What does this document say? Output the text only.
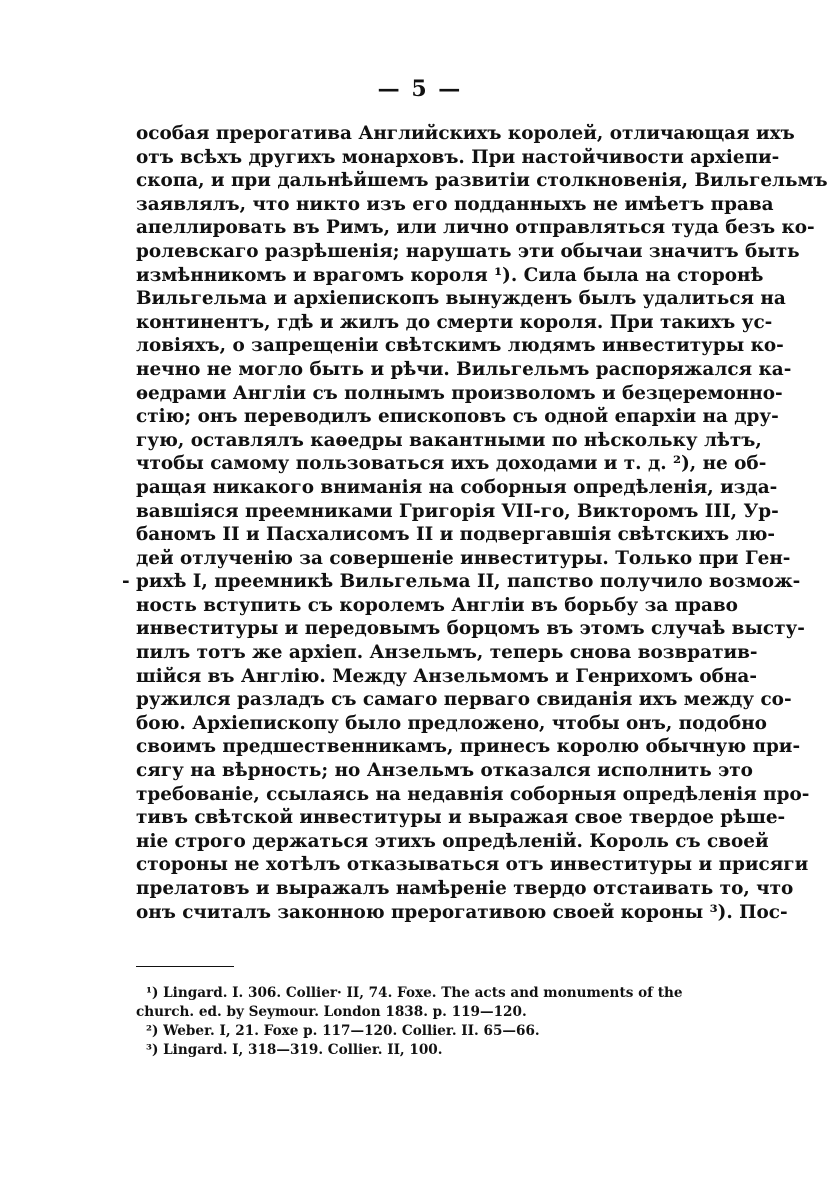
— 5 —
особая прерогатива Английскихъ королей, отличающая ихъ
отъ всѣхъ другихъ монарховъ. При настойчивости архіепи-
скопа, и при дальнѣйшемъ развитіи столкновенія, Вильгельмъ
заявлялъ, что никто изъ его подданныхъ не имѣетъ права
апеллировать въ Римъ, или лично отправляться туда безъ ко-
ролевскаго разрѣшенія; нарушать эти обычаи значитъ быть
измѣнникомъ и врагомъ короля ¹). Сила была на сторонѣ
Вильгельма и архіепископъ вынужденъ былъ удалиться на
континентъ, гдѣ и жилъ до смерти короля. При такихъ ус-
ловіяхъ, о запрещеніи свѣтскимъ людямъ инвеституры ко-
нечно не могло быть и рѣчи. Вильгельмъ распоряжался ка-
ѳедрами Англіи съ полнымъ произволомъ и безцеремонно-
стію; онъ переводилъ епископовъ съ одной епархіи на дру-
гую, оставлялъ каѳедры вакантными по нѣскольку лѣтъ,
чтобы самому пользоваться ихъ доходами и т. д. ²), не об-
ращая никакого вниманія на соборныя опредѣленія, изда-
вавшіяся преемниками Григорія VII-го, Викторомъ III, Ур-
баномъ II и Пасхалисомъ II и подвергавшія свѣтскихъ лю-
дей отлученію за совершеніе инвеституры. Только при Ген-
- рихѣ I, преемникѣ Вильгельма II, папство получило возмож-
ность вступить съ королемъ Англіи въ борьбу за право
инвеституры и передовымъ борцомъ въ этомъ случаѣ высту-
пилъ тотъ же архіеп. Анзельмъ, теперь снова возвратив-
шійся въ Англію. Между Анзельмомъ и Генрихомъ обна-
ружился разладъ съ самаго перваго свиданія ихъ между со-
бою. Архіепископу было предложено, чтобы онъ, подобно
своимъ предшественникамъ, принесъ королю обычную при-
сягу на вѣрность; но Анзельмъ отказался исполнить это
требованіе, ссылаясь на недавнія соборныя опредѣленія про-
тивъ свѣтской инвеституры и выражая свое твердое рѣше-
ніе строго держаться этихъ опредѣленій. Король съ своей
стороны не хотѣлъ отказываться отъ инвеституры и присяги
прелатовъ и выражалъ намѣреніе твердо отстаивать то, что
онъ считалъ законною прерогативою своей короны ³). Пос-
¹) Lingard. I. 306. Collier· II, 74. Foxe. The acts and monuments of the
church. ed. by Seymour. London 1838. p. 119—120.
²) Weber. I, 21. Foxe p. 117—120. Collier. II. 65—66.
³) Lingard. I, 318—319. Collier. II, 100.
